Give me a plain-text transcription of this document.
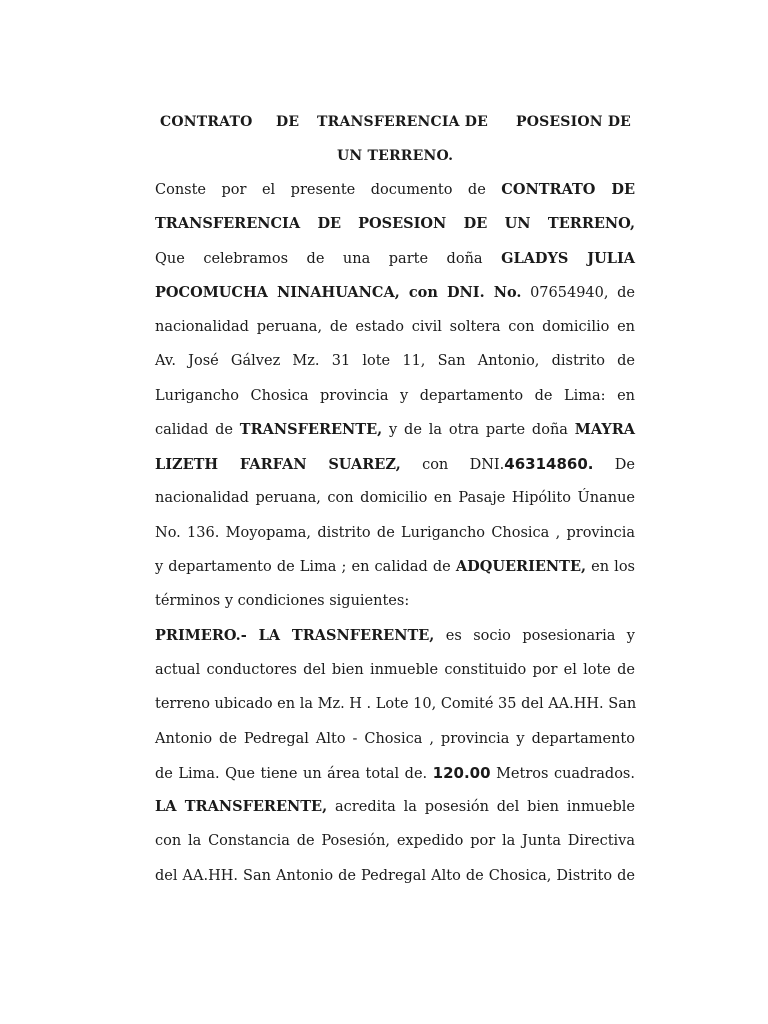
CONTRATO DE TRANSFERENCIA DE POSESION DE
UN TERRENO.
Conste por el presente documento de CONTRATO DE
TRANSFERENCIA DE POSESION DE UN TERRENO,
Que celebramos de una parte doña GLADYS JULIA
POCOMUCHA NINAHUANCA, con DNI. No. 07654940, de
nacionalidad peruana, de estado civil soltera con domicilio en
Av. José Gálvez Mz. 31 lote 11, San Antonio, distrito de
Lurigancho Chosica provincia y departamento de Lima: en
calidad de TRANSFERENTE, y de la otra parte doña MAYRA
LIZETH FARFAN SUAREZ, con DNI.46314860. De
nacionalidad peruana, con domicilio en Pasaje Hipólito Únanue
No. 136. Moyopama, distrito de Lurigancho Chosica , provincia
y departamento de Lima ; en calidad de ADQUERIENTE, en los
términos y condiciones siguientes:
PRIMERO.- LA TRASNFERENTE, es socio posesionaria y
actual conductores del bien inmueble constituido por el lote de
terreno ubicado en la Mz. H . Lote 10, Comité 35 del AA.HH. San
Antonio de Pedregal Alto - Chosica , provincia y departamento
de Lima. Que tiene un área total de. 120.00 Metros cuadrados.
LA TRANSFERENTE, acredita la posesión del bien inmueble
con la Constancia de Posesión, expedido por la Junta Directiva
del AA.HH. San Antonio de Pedregal Alto de Chosica, Distrito de
